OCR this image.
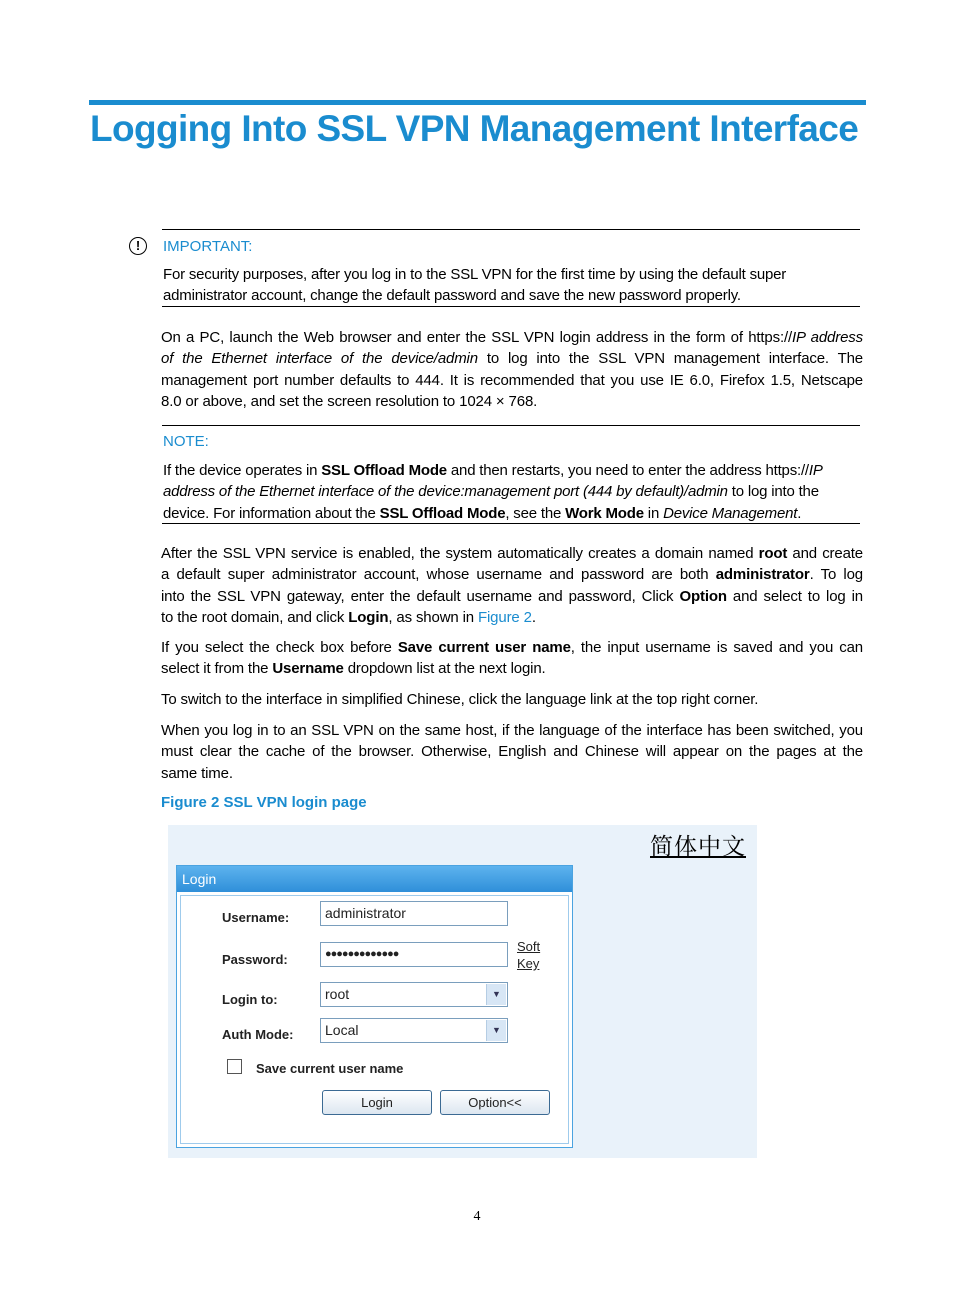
Logging Into SSL VPN Management Interface
!	IMPORTANT:
For security purposes, after you log in to the SSL VPN for the first time by using the default super
administrator account, change the default password and save the new password properly.
On a PC, launch the Web browser and enter the SSL VPN login address in the form of https://IP address
of the Ethernet interface of the device/admin to log into the SSL VPN management interface. The
management port number defaults to 444. It is recommended that you use IE 6.0, Firefox 1.5, Netscape
8.0 or above, and set the screen resolution to 1024 × 768.
NOTE:
If the device operates in SSL Offload Mode and then restarts, you need to enter the address https://IP
address of the Ethernet interface of the device:management port (444 by default)/admin to log into the
device. For information about the SSL Offload Mode, see the Work Mode in Device Management.
After the SSL VPN service is enabled, the system automatically creates a domain named root and create
a default super administrator account, whose username and password are both administrator. To log
into the SSL VPN gateway, enter the default username and password, Click Option and select to log in
to the root domain, and click Login, as shown in Figure 2.
If you select the check box before Save current user name, the input username is saved and you can
select it from the Username dropdown list at the next login.
To switch to the interface in simplified Chinese, click the language link at the top right corner.
When you log in to an SSL VPN on the same host, if the language of the interface has been switched, you
must clear the cache of the browser. Otherwise, English and Chinese will appear on the pages at the
same time.
Figure 2 SSL VPN login page
简体中文
Login
Username:	administrator
Password:	●●●●●●●●●●●●●	Soft
Key
Login to:	root	▼
Auth Mode:	Local	▼
Save current user name
Login	Option<<
4
